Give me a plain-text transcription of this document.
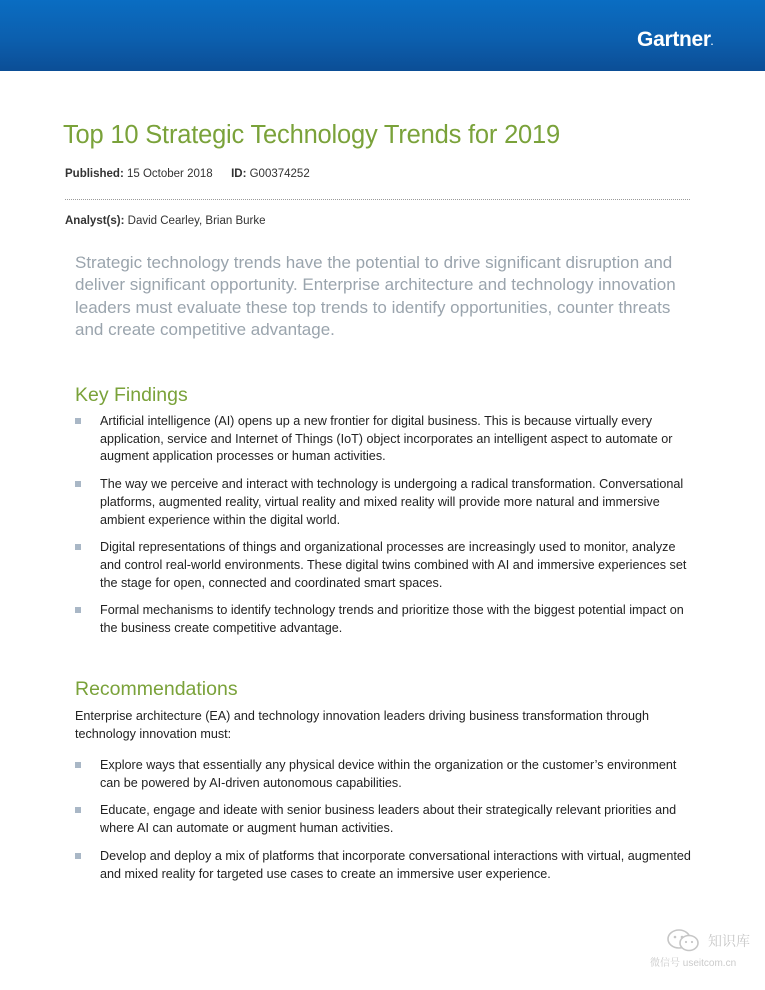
Gartner.
Top 10 Strategic Technology Trends for 2019
Published: 15 October 2018 ID: G00374252
Analyst(s): David Cearley, Brian Burke

Strategic technology trends have the potential to drive significant disruption and deliver significant opportunity. Enterprise architecture and technology innovation leaders must evaluate these top trends to identify opportunities, counter threats and create competitive advantage.

Key Findings
Artificial intelligence (AI) opens up a new frontier for digital business. This is because virtually every application, service and Internet of Things (IoT) object incorporates an intelligent aspect to automate or augment application processes or human activities.
The way we perceive and interact with technology is undergoing a radical transformation. Conversational platforms, augmented reality, virtual reality and mixed reality will provide more natural and immersive ambient experience within the digital world.
Digital representations of things and organizational processes are increasingly used to monitor, analyze and control real-world environments. These digital twins combined with AI and immersive experiences set the stage for open, connected and coordinated smart spaces.
Formal mechanisms to identify technology trends and prioritize those with the biggest potential impact on the business create competitive advantage.
Recommendations

Enterprise architecture (EA) and technology innovation leaders driving business transformation through technology innovation must:

Explore ways that essentially any physical device within the organization or the customer’s environment can be powered by AI-driven autonomous capabilities.
Educate, engage and ideate with senior business leaders about their strategically relevant priorities and where AI can automate or augment human activities.
Develop and deploy a mix of platforms that incorporate conversational interactions with virtual, augmented and mixed reality for targeted use cases to create an immersive user experience.
知识库
微信号 useitcom.cn
